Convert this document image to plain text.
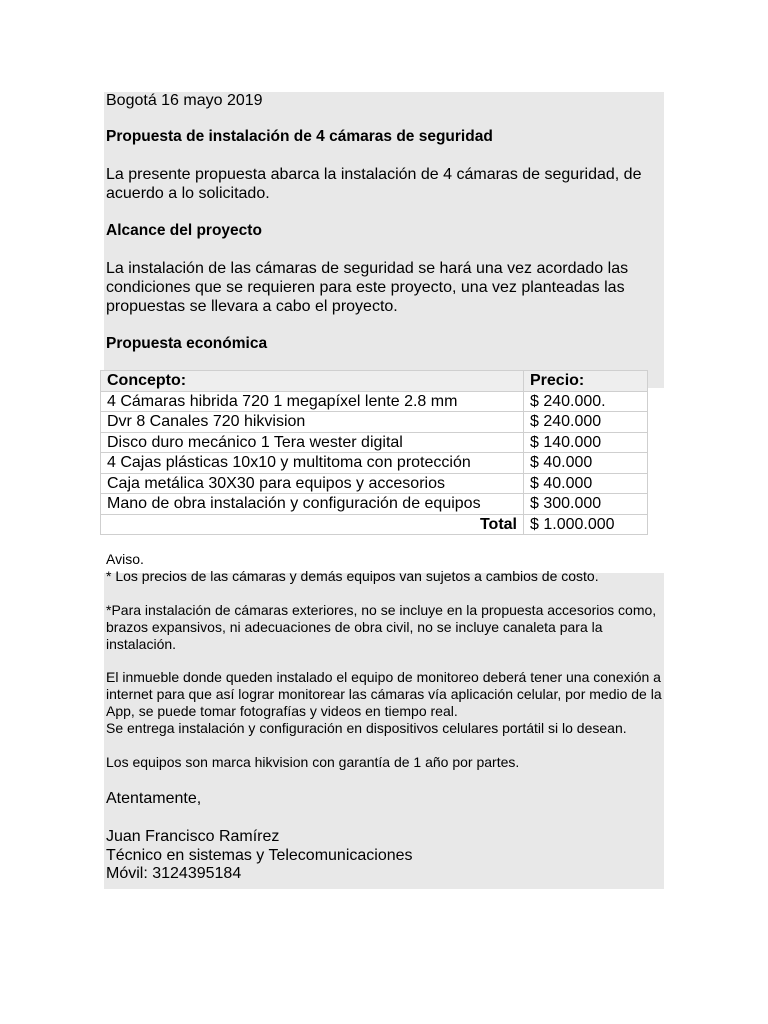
Bogotá 16 mayo 2019
Propuesta de instalación de 4 cámaras de seguridad
La presente propuesta abarca la instalación de 4 cámaras de seguridad, de
acuerdo a lo solicitado.
Alcance del proyecto
La instalación de las cámaras de seguridad se hará una vez acordado las
condiciones que se requieren para este proyecto, una vez planteadas las
propuestas se llevara a cabo el proyecto.
Propuesta económica
Concepto:	Precio:
4 Cámaras hibrida 720 1 megapíxel lente 2.8 mm	$ 240.000.
Dvr 8 Canales 720 hikvision	$ 240.000
Disco duro mecánico 1 Tera wester digital	$ 140.000
4 Cajas plásticas 10x10 y multitoma con protección	$ 40.000
Caja metálica 30X30 para equipos y accesorios	$ 40.000
Mano de obra instalación y configuración de equipos	$ 300.000
Total	$ 1.000.000
Aviso.
* Los precios de las cámaras y demás equipos van sujetos a cambios de costo.
*Para instalación de cámaras exteriores, no se incluye en la propuesta accesorios como,
brazos expansivos, ni adecuaciones de obra civil, no se incluye canaleta para la
instalación.
El inmueble donde queden instalado el equipo de monitoreo deberá tener una conexión a
internet para que así lograr monitorear las cámaras vía aplicación celular, por medio de la
App, se puede tomar fotografías y videos en tiempo real.
Se entrega instalación y configuración en dispositivos celulares portátil si lo desean.
Los equipos son marca hikvision con garantía de 1 año por partes.
Atentamente,
Juan Francisco Ramírez
Técnico en sistemas y Telecomunicaciones
Móvil: 3124395184
